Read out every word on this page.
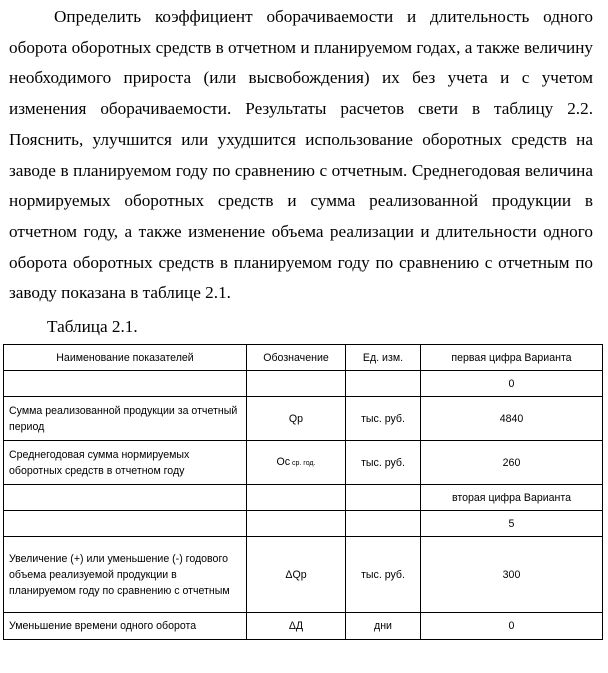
Определить коэффициент оборачиваемости и длительность одного оборота оборотных средств в отчетном и планируемом годах, а также величину необходимого прироста (или высвобождения) их без учета и с учетом изменения оборачиваемости. Результаты расчетов свети в таблицу 2.2. Пояснить, улучшится или ухудшится использование оборотных средств на заводе в планируемом году по сравнению с отчетным. Среднегодовая величина нормируемых оборотных средств и сумма реализованной продукции в отчетном году, а также изменение объема реализации и длительности одного оборота оборотных средств в планируемом году по сравнению с отчетным по заводу показана в таблице 2.1.

Таблица 2.1.
Наименование показателей	Обозначение	Ед. изм.	первая цифра Варианта
			0
Сумма реализованной продукции за отчетный период	Qр	тыс. руб.	4840
Среднегодовая сумма нормируемых оборотных средств в отчетном году	Ос ср. год.	тыс. руб.	260
			вторая цифра Варианта
			5
Увеличение (+) или уменьшение (-) годового объема реализуемой продукции в планируемом году по сравнению с отчетным	ΔQр	тыс. руб.	300
Уменьшение времени одного оборота	ΔД	дни	0
